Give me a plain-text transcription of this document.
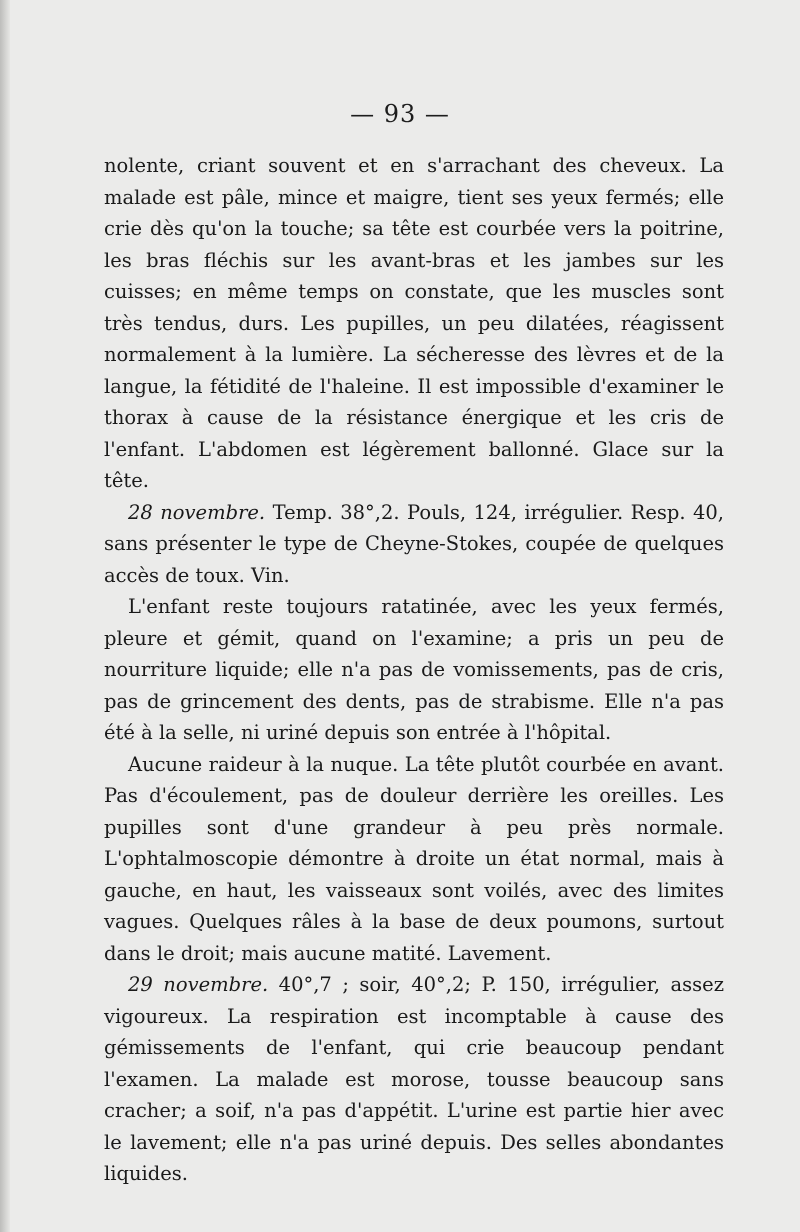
— 93 —

nolente, criant souvent et en s'arrachant des cheveux. La malade est pâle, mince et maigre, tient ses yeux fermés; elle crie dès qu'on la touche; sa tête est courbée vers la poitrine, les bras fléchis sur les avant-bras et les jambes sur les cuisses; en même temps on constate, que les muscles sont très tendus, durs. Les pupilles, un peu dilatées, réagissent normalement à la lumière. La sécheresse des lèvres et de la langue, la fétidité de l'haleine. Il est impossible d'examiner le thorax à cause de la résistance énergique et les cris de l'enfant. L'abdomen est légèrement ballonné. Glace sur la tête.

28 novembre. Temp. 38°,2. Pouls, 124, irrégulier. Resp. 40, sans présenter le type de Cheyne-Stokes, coupée de quelques accès de toux. Vin.

L'enfant reste toujours ratatinée, avec les yeux fermés, pleure et gémit, quand on l'examine; a pris un peu de nourriture liquide; elle n'a pas de vomissements, pas de cris, pas de grincement des dents, pas de strabisme. Elle n'a pas été à la selle, ni uriné depuis son entrée à l'hôpital.

Aucune raideur à la nuque. La tête plutôt courbée en avant. Pas d'écoulement, pas de douleur derrière les oreilles. Les pupilles sont d'une grandeur à peu près normale. L'ophtalmoscopie démontre à droite un état normal, mais à gauche, en haut, les vaisseaux sont voilés, avec des limites vagues. Quelques râles à la base de deux poumons, surtout dans le droit; mais aucune matité. Lavement.

29 novembre. 40°,7 ; soir, 40°,2; P. 150, irrégulier, assez vigoureux. La respiration est incomptable à cause des gémissements de l'enfant, qui crie beaucoup pendant l'examen. La malade est morose, tousse beaucoup sans cracher; a soif, n'a pas d'appétit. L'urine est partie hier avec le lavement; elle n'a pas uriné depuis. Des selles abondantes liquides.
